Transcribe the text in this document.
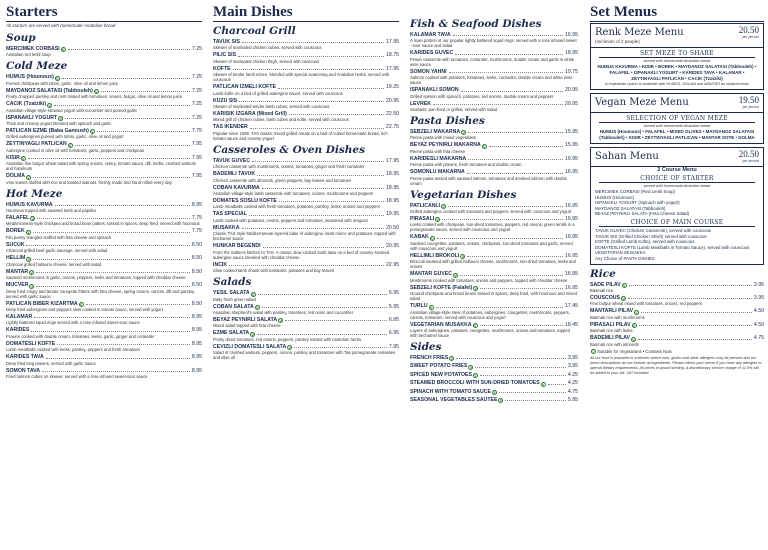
Starters
All starters are served with homemade Anatolian bread
Soup
MERCIMEK CORBASI V	7.25
Anatolian red lentil soup
Cold Meze
HUMUS (Houmous) V	7.25
Pureed chickpeas with tahini, garlic, olive oil and lemon juice
MAYDANOZ SALATASI (Tabbouleh) V	7.25
Finely chopped parsley and mint tossed with tomatoes, onions, bulgur, olive oil and lemon juice
CACIK (Tzatziki) V	7.25
Anatolian village-style strained yogurt with cucumber and pureed garlic
ISPANAKLI YOGURT V	7.25
Thick and creamy yogurt blended with spinach and garlic
PATLICAN EZME (Baba Ganoush) V	7.75
Grilled aubergines pureed with tahini, garlic, olive oil and yogurt
ZEYTINYAGLI PATLICAN V	7.95
Aubergine cooked in olive oil with tomatoes, garlic, peppers and chickpeas
KISIR V	7.95
Anatolian fine bulgur wheat salad with spring onions, celery, tomato sauce, dill, herbs, crushed walnuts and hazelnuts
DOLMA V	7.95
Vine leaves stuffed with rice and toasted walnuts, freshly made and hand rolled every day
Hot Meze
HUMUS KAVURMA	8.95
Houmous topped with sauteed lamb and paprika
FALAFEL V	7.75
Mediterranean-style chickpea and broad bean patties, tossed in spices, deep fried, served with houmous
BOREK V	7.75
Filo pastry triangles stuffed with feta cheese and spinach
SUCUK	8.50
Charcoal grilled beef garlic sausage, served with salad
HELLIM V	8.50
Charcoal grilled halloumi cheese, served with salad
MANTAR V	8.50
Sauteed mushrooms in garlic, onions, peppers, leeks and tomatoes, topped with cheddar cheese
MUCVER V	8.50
Deep fried crispy and tender courgette fritters with feta cheese, spring onions, carrots, dill and parsley, served with garlic sauce
PATLICAN BIBER KIZARTMA V	8.50
Deep fried aubergines and peppers slow cooked in tomato sauce, served with yogurt
KALAMAR	8.95
Lightly battered squid rings served with a rose infused sweet-sour sauce
KARIDES	8.95
Prawns cooked with double cream, tomatoes, leeks, garlic, ginger and coriander
DOMATESLI KOFTE	8.95
Lamb meatballs cooked with leeks, parsley, peppers and fresh tomatoes
KARIDES TAVA	8.95
Deep fried king prawns, served with garlic sauce
SOMON TAVA	8.95
Fried salmon cubes on skewer, served with a rose infused sweet-sour sauce
Main Dishes
Charcoal Grill
TAVUK SIS	17.95
Skewer of marinated chicken cubes, served with couscous
PILIC SIS	18.75
Skewer of marinated chicken thigh, served with couscous
KOFTE	17.95
Skewer of tender lamb mince, blended with special seasoning and Anatolian herbs, served with couscous
PATLICAN IZMELI KOFTE	19.25
Lamb kofte on a bed of grilled aubergine sauce, served with couscous
KUZU SIS	20.95
Skewer of marinated tender lamb cubes, served with couscous
KARISIK IZGARA (Mixed Grill)	22.50
Mixed grill of chicken cubes, lamb cubes and kofte, served with couscous
TAS IKENDER	22.75
Popular since 1999. TAS classic mixed grilled meats on a bed of cubed homemade bread, rich tomato sauce and creamy yogurt
Casseroles & Oven Dishes
TAVUK GUVEC	17.95
Chicken casserole with mushrooms, onions, tomatoes, ginger and fresh coriander
BADEMLI TAVUK	18.95
Chicken casserole with almonds, green peppers, bay leaves and tomatoes
COBAN KAVURMA	18.95
Anatolian village-style lamb casserole with tomatoes, onions, mushrooms and peppers
DOMATES SOSLU KOFTE	18.95
Lamb meatballs cooked with fresh tomatoes, potatoes, parsley, leeks, onions and peppers
TAS SPECIAL	19.95
Lamb cooked with potatoes, onions, peppers and tomatoes, seasoned with oregano
MUSAKKA	20.50
Classic TAS style Mediterranean layered bake of aubergine, lamb mince and potatoes, topped with bechamel sauce
HUNKAR BEGENDI	20.95
From the Sultan's kitchen to TAS. A classic slow cooked lamb stew on a bed of creamy smoked aubergine sauce blended with cheddar cheese
INCIK	22.95
Slow cooked lamb shank with tomatoes, potatoes and bay leaves
Salads
YESIL SALATA V	5.95
Daily fresh green salad
COBAN SALATA V	5.95
Anatolian shepherd's salad with parsley, tomatoes, red onion and cucumber
BEYAZ PEYNIRLI SALATA V	6.95
Mixed salad topped with feta cheese
EZME SALATA V	6.95
Finely diced tomatoes, red onions, peppers, parsley tossed with Anatolian herbs
CEVIZLI DOMATESLI SALATA V	7.95
Salad of crushed walnuts, peppers, onions, parsley and tomatoes with Tas pomegranate molasses and olive oil
Fish & Seafood Dishes
KALAMAR TAVA	16.95
A main portion of our popular lightly battered squid rings, served with a rose infused sweet - sour sauce and salad
KARIDES GUVEC	18.95
Prawn casserole with tomatoes, coriander, mushrooms, double cream and garlic in white wine sauce
SOMON YAHNI	19.75
Salmon cooked with potatoes, tomatoes, leeks, coriander, double cream and white wine sauce
ISPANAKLI SOMON	20.95
Grilled salmon with spinach, potatoes, red onions, double cream and peppers
LEVREK	20.95
Seabass, pan-fried or grilled, served with salad
Pasta Dishes
SEBZELI MAKARNA V	15.95
Penne pasta with mixed vegetables
BEYAZ PEYNIRLI MAKARNA V	15.95
Penne pasta with feta cheese
KARIDESLI MAKARNA	16.95
Penne pasta with prawns, fresh tomatoes and double cream
SOMONLU MAKARNA	16.95
Penne pasta tossed with sauteed salmon, tomatoes and smoked salmon with double cream
Vegetarian Dishes
PATLICANLI V	16.95
Grilled aubergine cooked with tomatoes and peppers, served with couscous and yogurt
PIRASALI V	16.95
Leeks cooked with chickpeas, sun-dried tomatoes, peppers, red onions, green lentils in a pomegranate sauce, served with couscous and yogurt
KABAK V	16.95
Sauteed courgettes, potatoes, onions, chickpeas, sun-dried tomatoes and garlic, served with couscous and yogurt
HELLIMLI BROKOLI V	16.95
Broccoli sauteed with grilled halloumi cheese, mushrooms, sun-dried tomatoes, leeks and onions
MANTAR GUVEC V	16.95
Mushrooms cooked with tomatoes, onions and peppers, topped with cheddar cheese
SEBZELI KOFTE (Falafel) V	16.95
Ground chickpeas and broad beans tossed in spices, deep fried, with houmous and mixed salad
TURLU V	17.45
Anatolian village-style stew of potatoes, aubergines, courgettes, mushrooms, peppers, carrots, tomatoes, served with couscous and yogurt
VEGETARIAN MUSAKKA V	18.45
Layers of aubergines, potatoes, courgettes, mushrooms, onions and tomatoes, topped with bechamel sauce
Sides
FRENCH FRIES V	3.95
SWEET POTATO FRIES V	3.95
SPICED NEW POTATOES V	4.25
STEAMED BROCCOLI WITH SUN-DRIED TOMATOES V	4.25
SPINACH WITH TOMATO SAUCE V	4.75
SEASONAL VEGETABLES SAUTEE V	5.95
Set Menus
Renk Meze Menu
(minimum of 2 people)
20.50
per person
SET MEZE TO SHARE
served with homemade Anatolian bread
HUMUS KAVURMA • KISIR • BOREK • MAYDANOZ SALATASI (Tabbouleh) • FALAFEL • ISPANAKLI YOGURT • KARIDES TAVA • KALAMAR • ZEYTINYAGLI PATLICAN • CACIK (Tzatziki)
A vegetarian option is available with HUMUS, DOLMA and MANTAR as replacements
Vegan Meze Menu	19.50
per person
SELECTION OF VEGAN MEZE
served with homemade Anatolian bread
HUMUS (Houmous) • FALAFEL • MIXED OLIVES • MAYDANOZ SALATASI (Tabbouleh) • KISIR • ZEYTINYAGLI PATLICAN • MANTAR SOTE • DOLMA
Sahan Menu	20.50
per person
2 Course Menu
CHOICE OF STARTER
served with homemade Anatolian bread
MERCIMEK CORBASI (Red Lentil Soup)
HUMUS (Houmous)
ISPANAKLI YOGURT (Spinach with yogurt)
MAYDANOZ SALATASI (Tabbouleh)
BEYAZ PEYNIRLI SALATA (Feta Cheese Salad)
CHOICE OF MAIN COURSE
TAVUK GUVEC (Chicken Casserole), served with couscous
TAVUK SIS (Grilled Chicken Shish) served with couscous
KOFTE (Grilled Lamb Kofte), served with couscous
DOMATESLI KOFTE (Lamb Meatballs in Tomato Sauce), served with couscous
VEGETARIAN MUSAKKA
Any Choice of PASTA DISHES
Rice
SADE PILAV V	3.95
Basmati rice
COUSCOUS V	3.95
Fine bulgur wheat mixed with tomatoes, onions, red peppers
MANTARLI PILAV V	4.50
Basmati rice with mushrooms
PIRASALI PILAV V	4.50
Basmati rice with leeks
BADEMLI PILAV V	4.75
Basmati rice with almonds
V Suitable for Vegetarians • Contains Nuts
All our food is prepared in a kitchen where nuts, gluten and other allergens may be present and our menu descriptions do not include all ingredients. Please inform your server if you have any allergies or special dietary requirements. All prices in pound sterling. A discretionary service charge of 12.5% will be added to your bill. VAT included.
